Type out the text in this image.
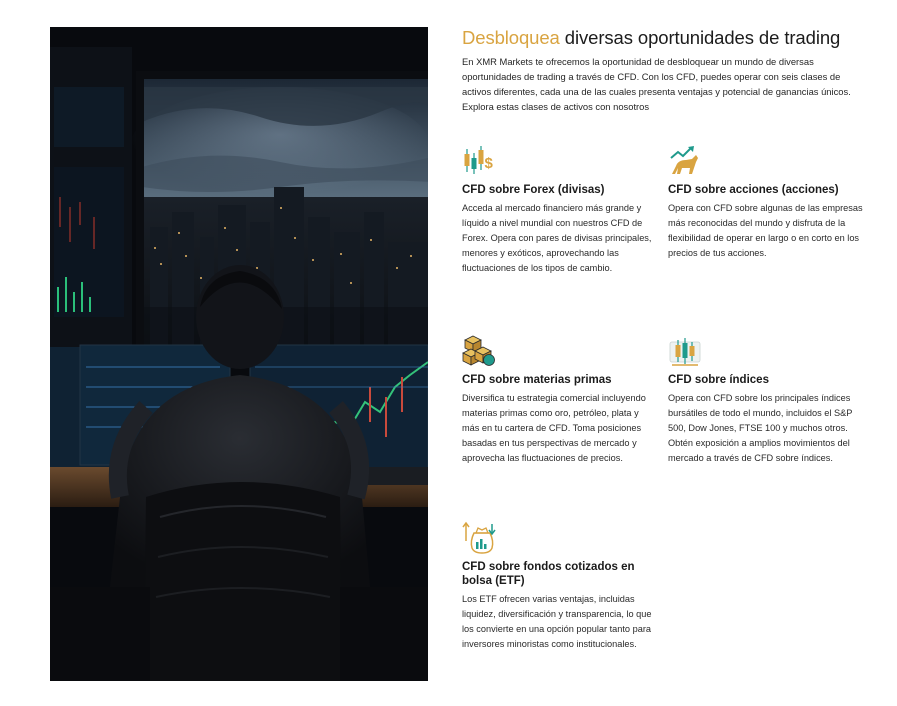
Desbloquea diversas oportunidades de trading

En XMR Markets te ofrecemos la oportunidad de desbloquear un mundo de diversas oportunidades de trading a través de CFD. Con los CFD, puedes operar con seis clases de activos diferentes, cada una de las cuales presenta ventajas y potencial de ganancias únicos. Explora estas clases de activos con nosotros

$
CFD sobre Forex (divisas)

Acceda al mercado financiero más grande y líquido a nivel mundial con nuestros CFD de Forex. Opera con pares de divisas principales, menores y exóticos, aprovechando las fluctuaciones de los tipos de cambio.

CFD sobre acciones (acciones)

Opera con CFD sobre algunas de las empresas más reconocidas del mundo y disfruta de la flexibilidad de operar en largo o en corto en los precios de tus acciones.

CFD sobre materias primas

Diversifica tu estrategia comercial incluyendo materias primas como oro, petróleo, plata y más en tu cartera de CFD. Toma posiciones basadas en tus perspectivas de mercado y aprovecha las fluctuaciones de precios.

CFD sobre índices

Opera con CFD sobre los principales índices bursátiles de todo el mundo, incluidos el S&P 500, Dow Jones, FTSE 100 y muchos otros. Obtén exposición a amplios movimientos del mercado a través de CFD sobre índices.

CFD sobre fondos cotizados en bolsa (ETF)

Los ETF ofrecen varias ventajas, incluidas liquidez, diversificación y transparencia, lo que los convierte en una opción popular tanto para inversores minoristas como institucionales.
